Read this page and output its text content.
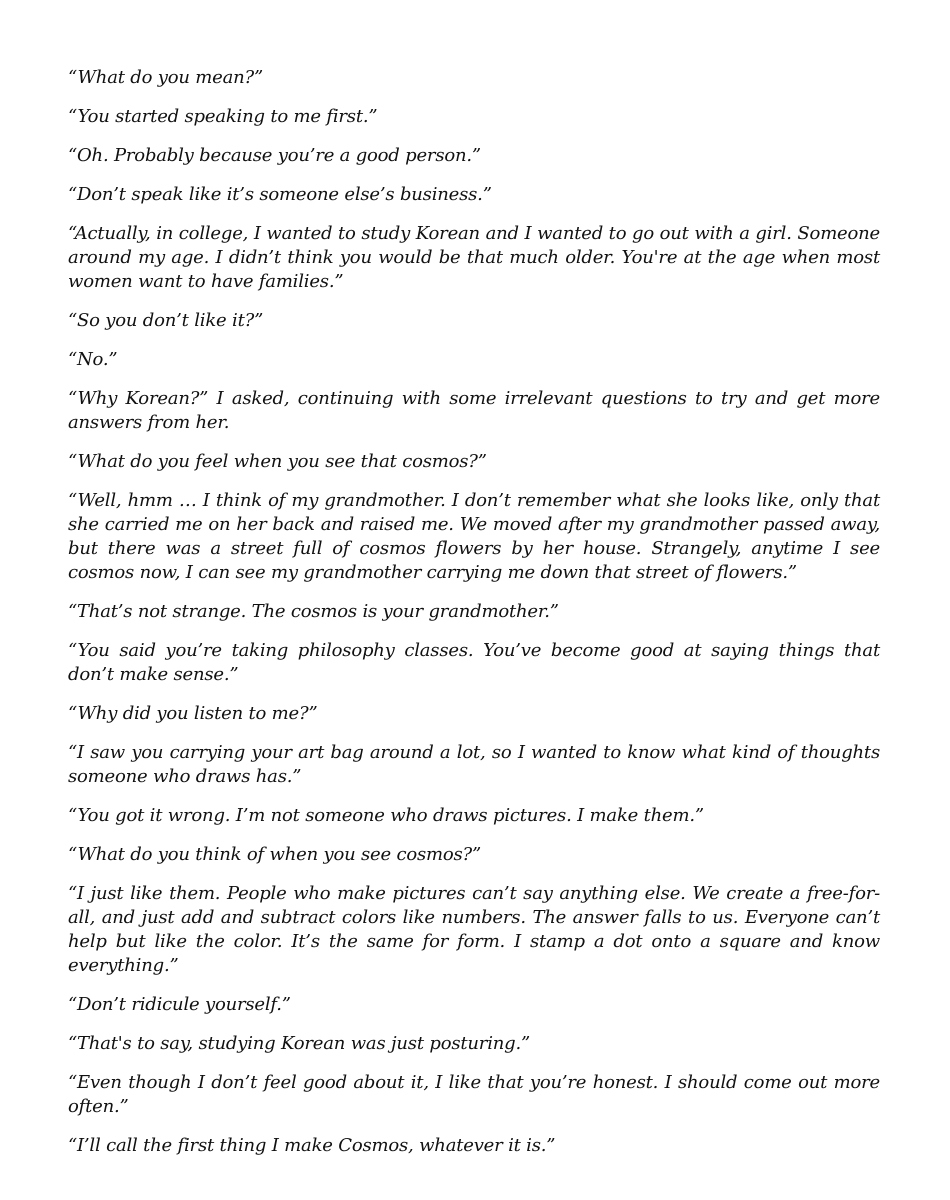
“What do you mean?”

“You started speaking to me first.”

“Oh. Probably because you’re a good person.”

“Don’t speak like it’s someone else’s business.”

“Actually, in college, I wanted to study Korean and I wanted to go out with a girl. Someone around my age. I didn’t think you would be that much older. You're at the age when most women want to have families.”

“So you don’t like it?”

“No.”

“Why Korean?” I asked, continuing with some irrelevant questions to try and get more answers from her.

“What do you feel when you see that cosmos?”

“Well, hmm … I think of my grandmother. I don’t remember what she looks like, only that she carried me on her back and raised me. We moved after my grandmother passed away, but there was a street full of cosmos flowers by her house. Strangely, anytime I see cosmos now, I can see my grandmother carrying me down that street of flowers.”

“That’s not strange. The cosmos is your grandmother.”

“You said you’re taking philosophy classes. You’ve become good at saying things that don’t make sense.”

“Why did you listen to me?”

“I saw you carrying your art bag around a lot, so I wanted to know what kind of thoughts someone who draws has.”

“You got it wrong. I’m not someone who draws pictures. I make them.”

“What do you think of when you see cosmos?”

“I just like them. People who make pictures can’t say anything else. We create a free-for-all, and just add and subtract colors like numbers. The answer falls to us. Everyone can’t help but like the color. It’s the same for form. I stamp a dot onto a square and know everything.”

“Don’t ridicule yourself.”

“That's to say, studying Korean was just posturing.”

“Even though I don’t feel good about it, I like that you’re honest. I should come out more often.”

“I’ll call the first thing I make Cosmos, whatever it is.”
